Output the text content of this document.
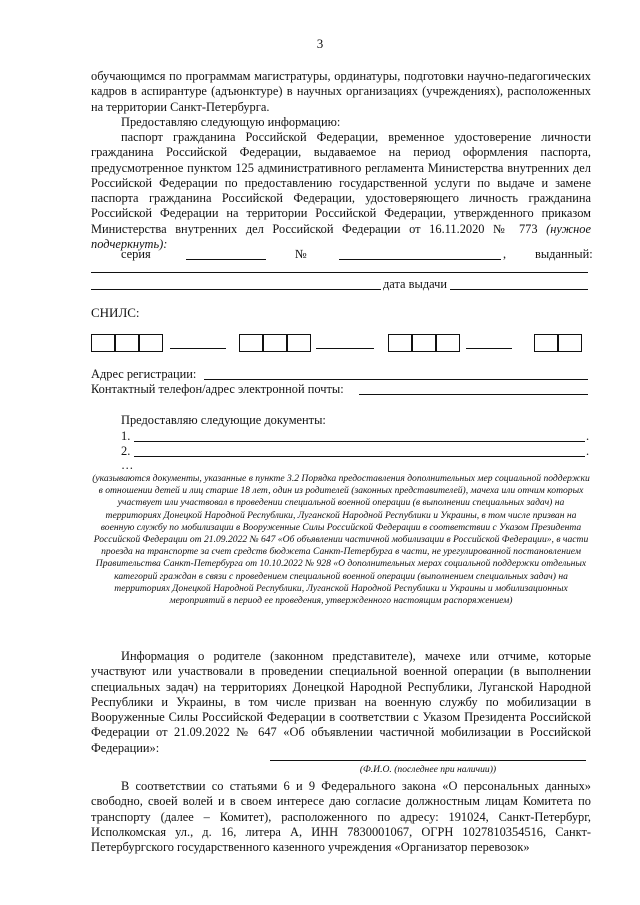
3
обучающимся по программам магистратуры, ординатуры, подготовки научно-педагогических кадров в аспирантуре (адъюнктуре) в научных организациях (учреждениях), расположенных на территории Санкт-Петербурга.
Предоставляю следующую информацию:
паспорт гражданина Российской Федерации, временное удостоверение личности гражданина Российской Федерации, выдаваемое на период оформления паспорта, предусмотренное пунктом 125 административного регламента Министерства внутренних дел Российской Федерации по предоставлению государственной услуги по выдаче и замене паспорта гражданина Российской Федерации, удостоверяющего личность гражданина Российской Федерации на территории Российской Федерации, утвержденного приказом Министерства внутренних дел Российской Федерации от 16.11.2020 № 773 (нужное подчеркнуть):
серия	№	, выданный:
дата выдачи
СНИЛС:
Адрес регистрации:
Контактный телефон/адрес электронной почты:
Предоставляю следующие документы:
1.	.
2.	.
…
(указываются документы, указанные в пункте 3.2 Порядка предоставления дополнительных мер социальной поддержки в отношении детей и лиц старше 18 лет, один из родителей (законных представителей), мачеха или отчим которых участвует или участвовал в проведении специальной военной операции (в выполнении специальных задач) на территориях Донецкой Народной Республики, Луганской Народной Республики и Украины, в том числе призван на военную службу по мобилизации в Вооруженные Силы Российской Федерации в соответствии с Указом Президента Российской Федерации от 21.09.2022 № 647 «Об объявлении частичной мобилизации в Российской Федерации», в части проезда на транспорте за счет средств бюджета Санкт-Петербурга в части, не урегулированной постановлением Правительства Санкт-Петербурга от 10.10.2022 № 928 «О дополнительных мерах социальной поддержки отдельных категорий граждан в связи с проведением специальной военной операции (выполнением специальных задач) на территориях Донецкой Народной Республики, Луганской Народной Республики и Украины и мобилизационных мероприятий в период ее проведения, утвержденного настоящим распоряжением)
Информация о родителе (законном представителе), мачехе или отчиме, которые участвуют или участвовали в проведении специальной военной операции (в выполнении специальных задач) на территориях Донецкой Народной Республики, Луганской Народной Республики и Украины, в том числе призван на военную службу по мобилизации в Вооруженные Силы Российской Федерации в соответствии с Указом Президента Российской Федерации от 21.09.2022 № 647 «Об объявлении частичной мобилизации в Российской Федерации»:
(Ф.И.О. (последнее при наличии))
В соответствии со статьями 6 и 9 Федерального закона «О персональных данных» свободно, своей волей и в своем интересе даю согласие должностным лицам Комитета по транспорту (далее – Комитет), расположенного по адресу: 191024, Санкт-Петербург, Исполкомская ул., д. 16, литера А, ИНН 7830001067, ОГРН 1027810354516, Санкт-Петербургского государственного казенного учреждения «Организатор перевозок»
